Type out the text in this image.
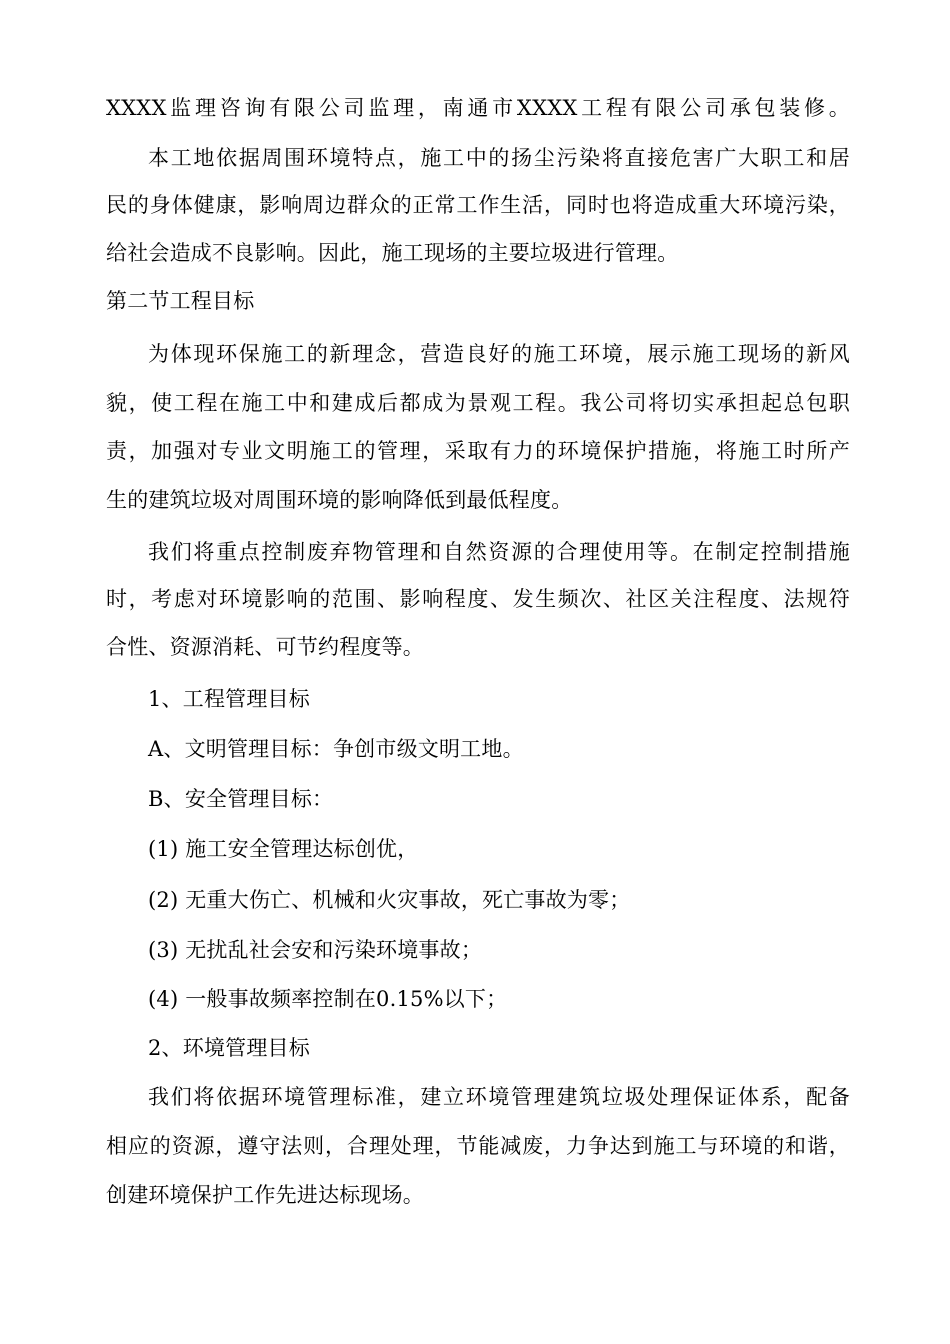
XXXX监理咨询有限公司监理，南通市XXXX工程有限公司承包装修。
本工地依据周围环境特点，施工中的扬尘污染将直接危害广大职工和居
民的身体健康，影响周边群众的正常工作生活，同时也将造成重大环境污染，
给社会造成不良影响。因此，施工现场的主要垃圾进行管理。
第二节工程目标
为体现环保施工的新理念，营造良好的施工环境，展示施工现场的新风
貌，使工程在施工中和建成后都成为景观工程。我公司将切实承担起总包职
责，加强对专业文明施工的管理，采取有力的环境保护措施，将施工时所产
生的建筑垃圾对周围环境的影响降低到最低程度。
我们将重点控制废弃物管理和自然资源的合理使用等。在制定控制措施
时，考虑对环境影响的范围、影响程度、发生频次、社区关注程度、法规符
合性、资源消耗、可节约程度等。
1、工程管理目标
A、文明管理目标：争创市级文明工地。
B、安全管理目标：
(1) 施工安全管理达标创优，
(2) 无重大伤亡、机械和火灾事故，死亡事故为零；
(3) 无扰乱社会安和污染环境事故；
(4) 一般事故频率控制在0.15%以下；
2、环境管理目标
我们将依据环境管理标准，建立环境管理建筑垃圾处理保证体系，配备
相应的资源，遵守法则，合理处理，节能减废，力争达到施工与环境的和谐，
创建环境保护工作先进达标现场。
